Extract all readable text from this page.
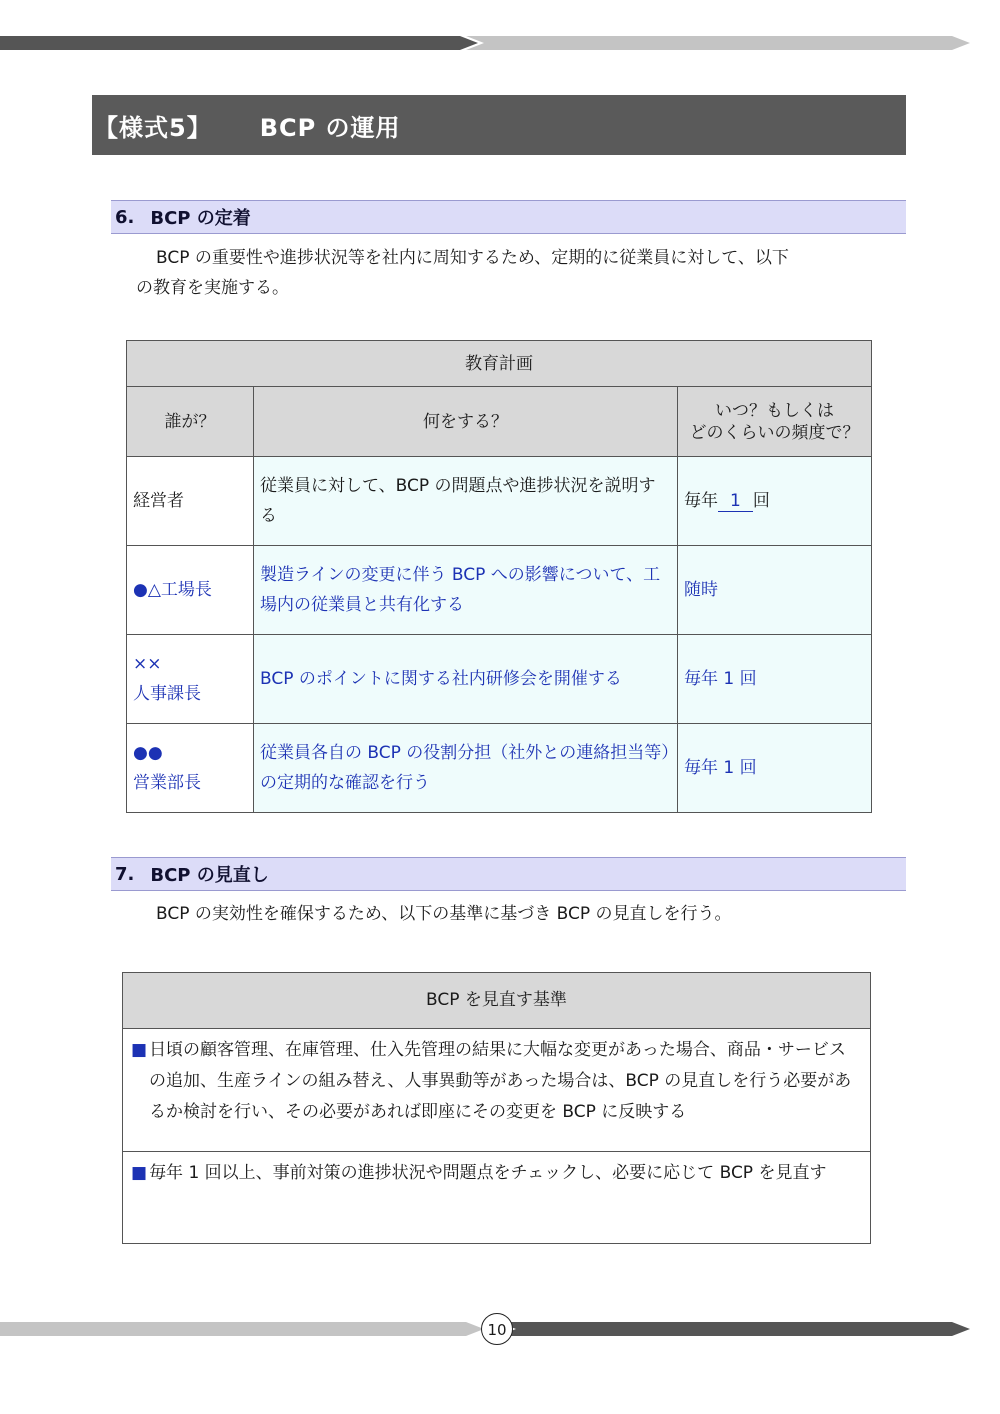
【様式5】 BCP の運用
6. BCP の定着
BCP の重要性や進捗状況等を社内に周知するため、定期的に従業員に対して、以下
の教育を実施する。
教育計画		
誰が？	何をする？	いつ？もしくは
どのくらいの頻度で？

経営者	従業員に対して、BCP の問題点や進捗状況を説明する	毎年 1 回
●△工場長	製造ラインの変更に伴う BCP への影響について、工場内の従業員と共有化する	随時

××
人事課長	BCP のポイントに関する社内研修会を開催する	毎年 1 回

●●
営業部長	従業員各自の BCP の役割分担（社外との連絡担当等）の定期的な確認を行う	毎年 1 回
7. BCP の見直し
BCP の実効性を確保するため、以下の基準に基づき BCP の見直しを行う。
BCP を見直す基準

■ 日頃の顧客管理、在庫管理、仕入先管理の結果に大幅な変更があった場合、商品・サービスの追加、生産ラインの組み替え、人事異動等があった場合は、BCP の見直しを行う必要があるか検討を行い、その必要があれば即座にその変更を BCP に反映する

■ 毎年 1 回以上、事前対策の進捗状況や問題点をチェックし、必要に応じて BCP を見直す
10
